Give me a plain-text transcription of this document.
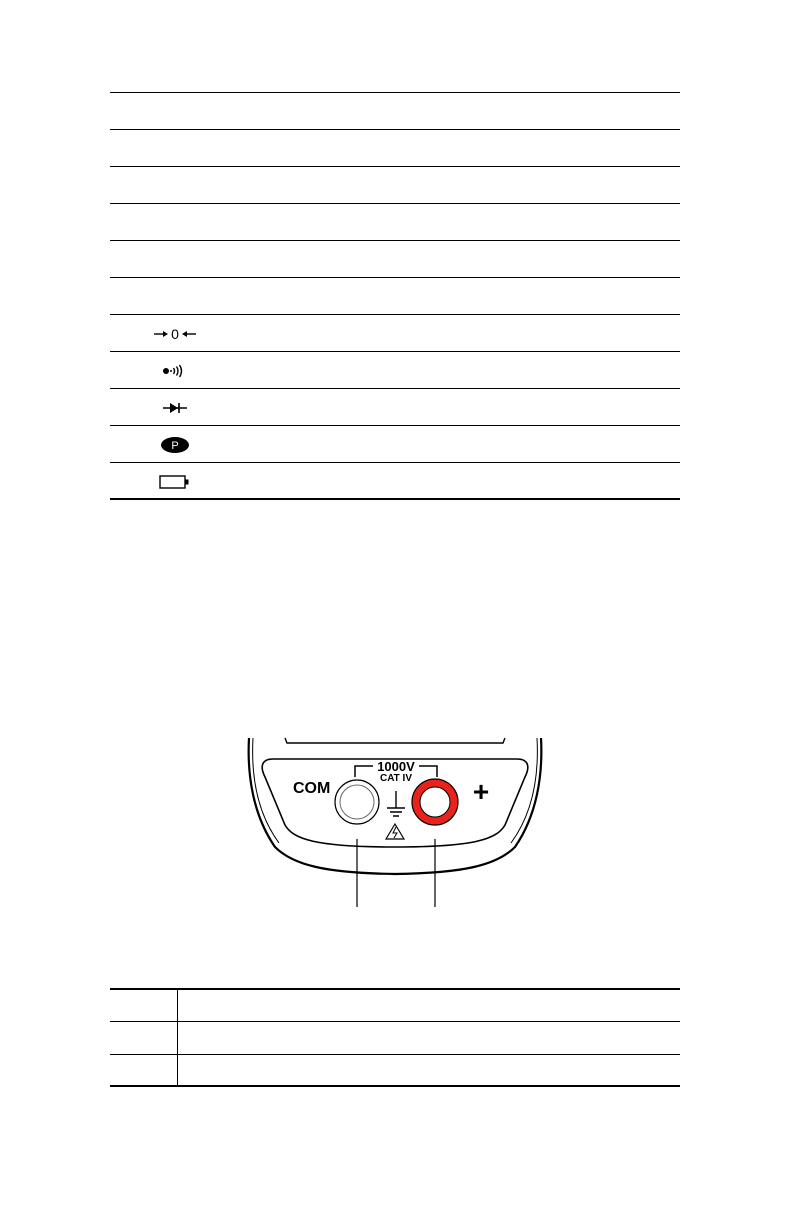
0
P
1000V
CAT IV
COM	+
